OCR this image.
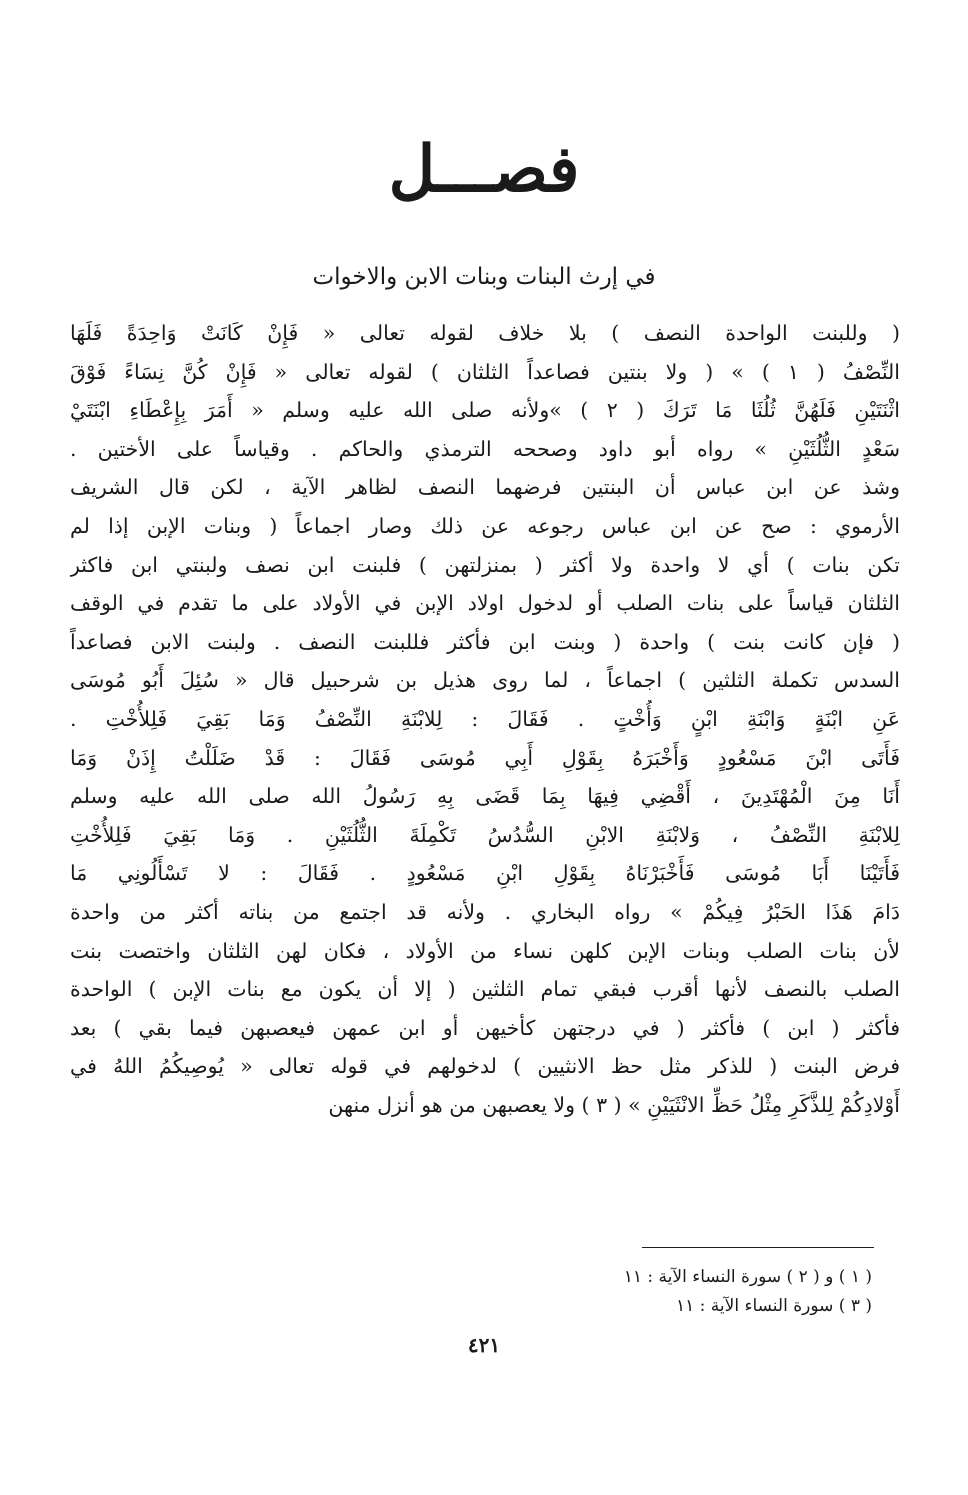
فصـــل
في إرث البنات وبنات الابن والاخوات
( وللبنت الواحدة النصف ) بلا خلاف لقوله تعالى « فَإِنْ كَانَتْ وَاحِدَةً فَلَهَا
النِّصْفُ ( ١ ) » ( ولا بنتين فصاعداً الثلثان ) لقوله تعالى « فَإِنْ كُنَّ نِسَاءً فَوْقَ
اثْنَتَيْنِ فَلَهُنَّ ثُلُثَا مَا تَرَكَ ( ٢ ) »ولأنه صلى الله عليه وسلم « أَمَرَ بِإِعْطَاءِ ابْنَتَيْ
سَعْدٍ الثُّلُثَيْنِ » رواه أبو داود وصححه الترمذي والحاكم . وقياساً على الأختين .
وشذ عن ابن عباس أن البنتين فرضهما النصف لظاهر الآية ، لكن قال الشريف
الأرموي : صح عن ابن عباس رجوعه عن ذلك وصار اجماعاً ( وبنات الإبن إذا لم
تكن بنات ) أي لا واحدة ولا أكثر ( بمنزلتهن ) فلبنت ابن نصف ولبنتي ابن فاكثر
الثلثان قياساً على بنات الصلب أو لدخول اولاد الإبن في الأولاد على ما تقدم في الوقف
( فإن كانت بنت ) واحدة ( وبنت ابن فأكثر فللبنت النصف . ولبنت الابن فصاعداً
السدس تكملة الثلثين ) اجماعاً ، لما روى هذيل بن شرحبيل قال « سُئِلَ أَبُو مُوسَى
عَنِ ابْنَةٍ وَابْنَةِ ابْنٍ وَأُخْتٍ . فَقَالَ : لِلابْنَةِ النِّصْفُ وَمَا بَقِيَ فَلِلأُخْتِ .
فَأَتَى ابْنَ مَسْعُودٍ وَأَخْبَرَهُ بِقَوْلِ أَبِي مُوسَى فَقَالَ : قَدْ ضَلَلْتُ إِذَنْ وَمَا
أَنَا مِنَ الْمُهْتَدِينَ ، أَقْضِي فِيهَا بِمَا قَضَى بِهِ رَسُولُ الله صلى الله عليه وسلم
لِلابْنَةِ النِّصْفُ ، وَلابْنَةِ الابْنِ السُّدُسُ تَكْمِلَةَ الثُّلُثَيْنِ . وَمَا بَقِيَ فَلِلأُخْتِ
فَأَتَيْنَا أَبَا مُوسَى فَأَخْبَرْنَاهُ بِقَوْلِ ابْنِ مَسْعُودٍ . فَقَالَ : لا تَسْأَلُونِي مَا
دَامَ هَذَا الحَبْرُ فِيكُمْ » رواه البخاري . ولأنه قد اجتمع من بناته أكثر من واحدة
لأن بنات الصلب وبنات الإبن كلهن نساء من الأولاد ، فكان لهن الثلثان واختصت بنت
الصلب بالنصف لأنها أقرب فبقي تمام الثلثين ( إلا أن يكون مع بنات الإبن ) الواحدة
فأكثر ( ابن ) فأكثر ( في درجتهن كأخيهن أو ابن عمهن فيعصبهن فيما بقي ) بعد
فرض البنت ( للذكر مثل حظ الانثيين ) لدخولهم في قوله تعالى « يُوصِيكُمُ اللهُ في
أَوْلادِكُمْ لِلذَّكَرِ مِثْلُ حَظِّ الانْثَيَيْنِ » ( ٣ ) ولا يعصبهن من هو أنزل منهن
( ١ ) و ( ٢ ) سورة النساء الآية : ١١
( ٣ ) سورة النساء الآية : ١١
٤٢١
